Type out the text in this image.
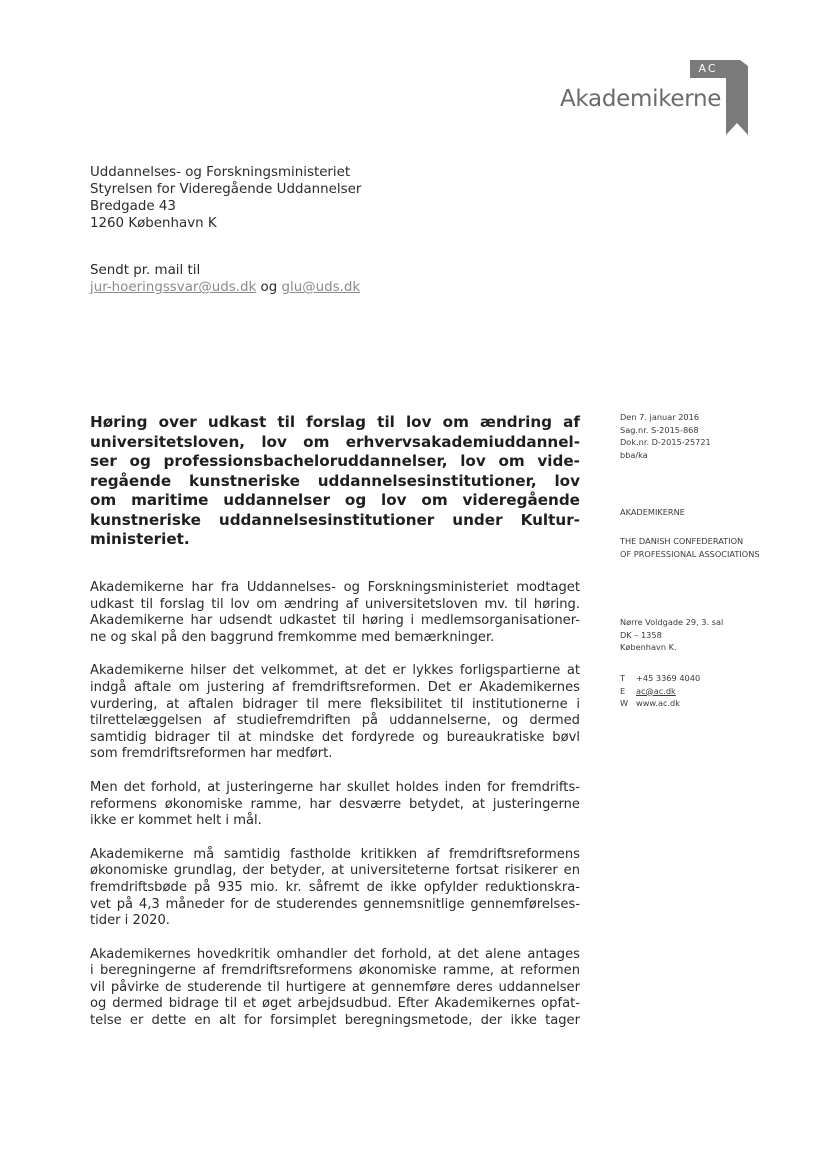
AC
Akademikerne
Uddannelses- og Forskningsministeriet
Styrelsen for Videregående Uddannelser
Bredgade 43
1260 København K
Sendt pr. mail til
jur-hoeringssvar@uds.dk og glu@uds.dk
Høring over udkast til forslag til lov om ændring af
universitetsloven, lov om erhvervsakademiuddannel-
ser og professionsbacheloruddannelser, lov om vide-
regående kunstneriske uddannelsesinstitutioner, lov
om maritime uddannelser og lov om videregående
kunstneriske uddannelsesinstitutioner under Kultur-
ministeriet.
Den 7. januar 2016
Sag.nr. S-2015-868
Dok.nr. D-2015-25721
bba/ka
AKADEMIKERNE
THE DANISH CONFEDERATION
OF PROFESSIONAL ASSOCIATIONS
Nørre Voldgade 29, 3. sal
DK – 1358
København K.
T +45 3369 4040
E ac@ac.dk
W www.ac.dk

Akademikerne har fra Uddannelses- og Forskningsministeriet modtaget
udkast til forslag til lov om ændring af universitetsloven mv. til høring.
Akademikerne har udsendt udkastet til høring i medlemsorganisationer-
ne og skal på den baggrund fremkomme med bemærkninger.

Akademikerne hilser det velkommet, at det er lykkes forligspartierne at
indgå aftale om justering af fremdriftsreformen. Det er Akademikernes
vurdering, at aftalen bidrager til mere fleksibilitet til institutionerne i
tilrettelæggelsen af studiefremdriften på uddannelserne, og dermed
samtidig bidrager til at mindske det fordyrede og bureaukratiske bøvl
som fremdriftsreformen har medført.

Men det forhold, at justeringerne har skullet holdes inden for fremdrifts-
reformens økonomiske ramme, har desværre betydet, at justeringerne
ikke er kommet helt i mål.

Akademikerne må samtidig fastholde kritikken af fremdriftsreformens
økonomiske grundlag, der betyder, at universiteterne fortsat risikerer en
fremdriftsbøde på 935 mio. kr. såfremt de ikke opfylder reduktionskra-
vet på 4,3 måneder for de studerendes gennemsnitlige gennemførelses-
tider i 2020.

Akademikernes hovedkritik omhandler det forhold, at det alene antages
i beregningerne af fremdriftsreformens økonomiske ramme, at reformen
vil påvirke de studerende til hurtigere at gennemføre deres uddannelser
og dermed bidrage til et øget arbejdsudbud. Efter Akademikernes opfat-
telse er dette en alt for forsimplet beregningsmetode, der ikke tager
